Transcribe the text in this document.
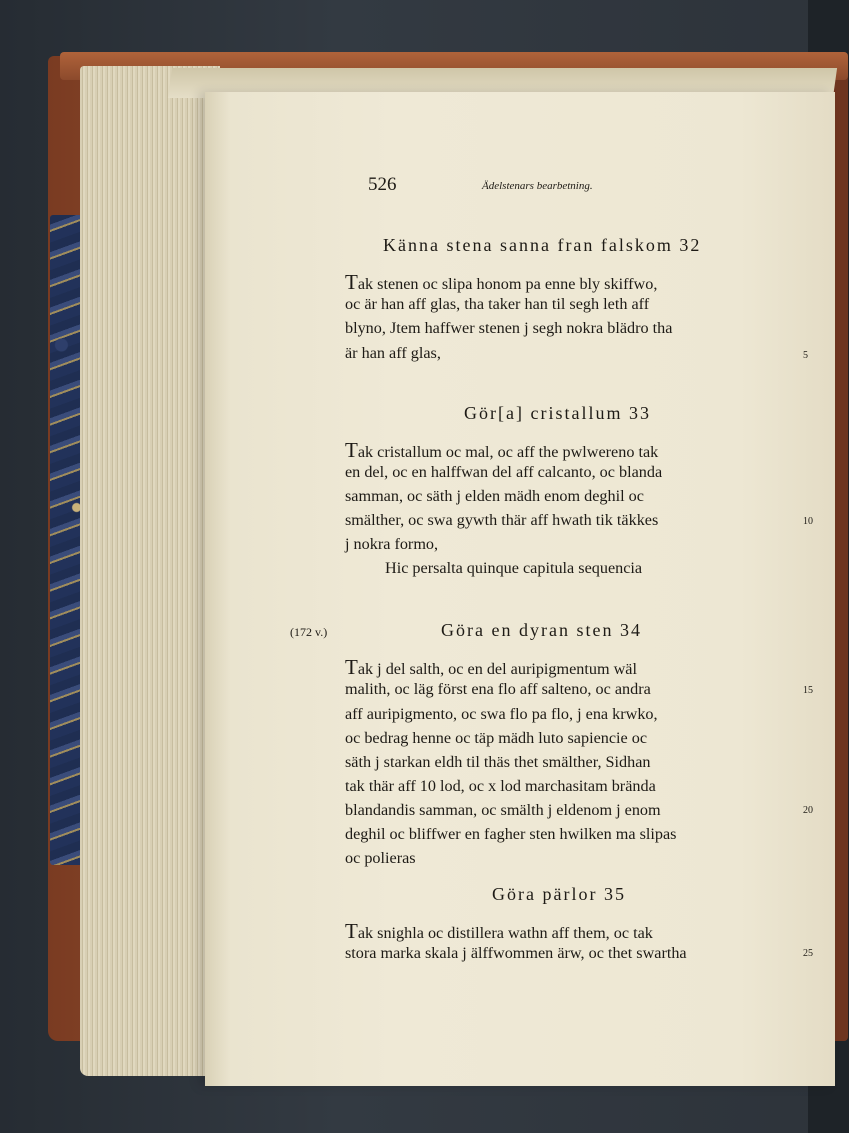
526	Ädelstenars bearbetning.
Känna stena sanna fran falskom 32
Tak stenen oc slipa honom pa enne bly skiffwo,
oc är han aff glas, tha taker han til segh leth aff
blyno, Jtem haffwer stenen j segh nokra blädro tha
är han aff glas,	5
Gör[a] cristallum 33
Tak cristallum oc mal, oc aff the pwlwereno tak
en del, oc en halffwan del aff calcanto, oc blanda
samman, oc säth j elden mädh enom deghil oc
smälther, oc swa gywth thär aff hwath tik täkkes	10
j nokra formo,
Hic persalta quinque capitula sequencia
(172 v.)	Göra en dyran sten 34
Tak j del salth, oc en del auripigmentum wäl
malith, oc läg först ena flo aff salteno, oc andra	15
aff auripigmento, oc swa flo pa flo, j ena krwko,
oc bedrag henne oc täp mädh luto sapiencie oc
säth j starkan eldh til thäs thet smälther, Sidhan
tak thär aff 10 lod, oc x lod marchasitam brända
blandandis samman, oc smälth j eldenom j enom	20
deghil oc bliffwer en fagher sten hwilken ma slipas
oc polieras
Göra pärlor 35
Tak snighla oc distillera wathn aff them, oc tak
stora marka skala j älffwommen ärw, oc thet swartha	25
